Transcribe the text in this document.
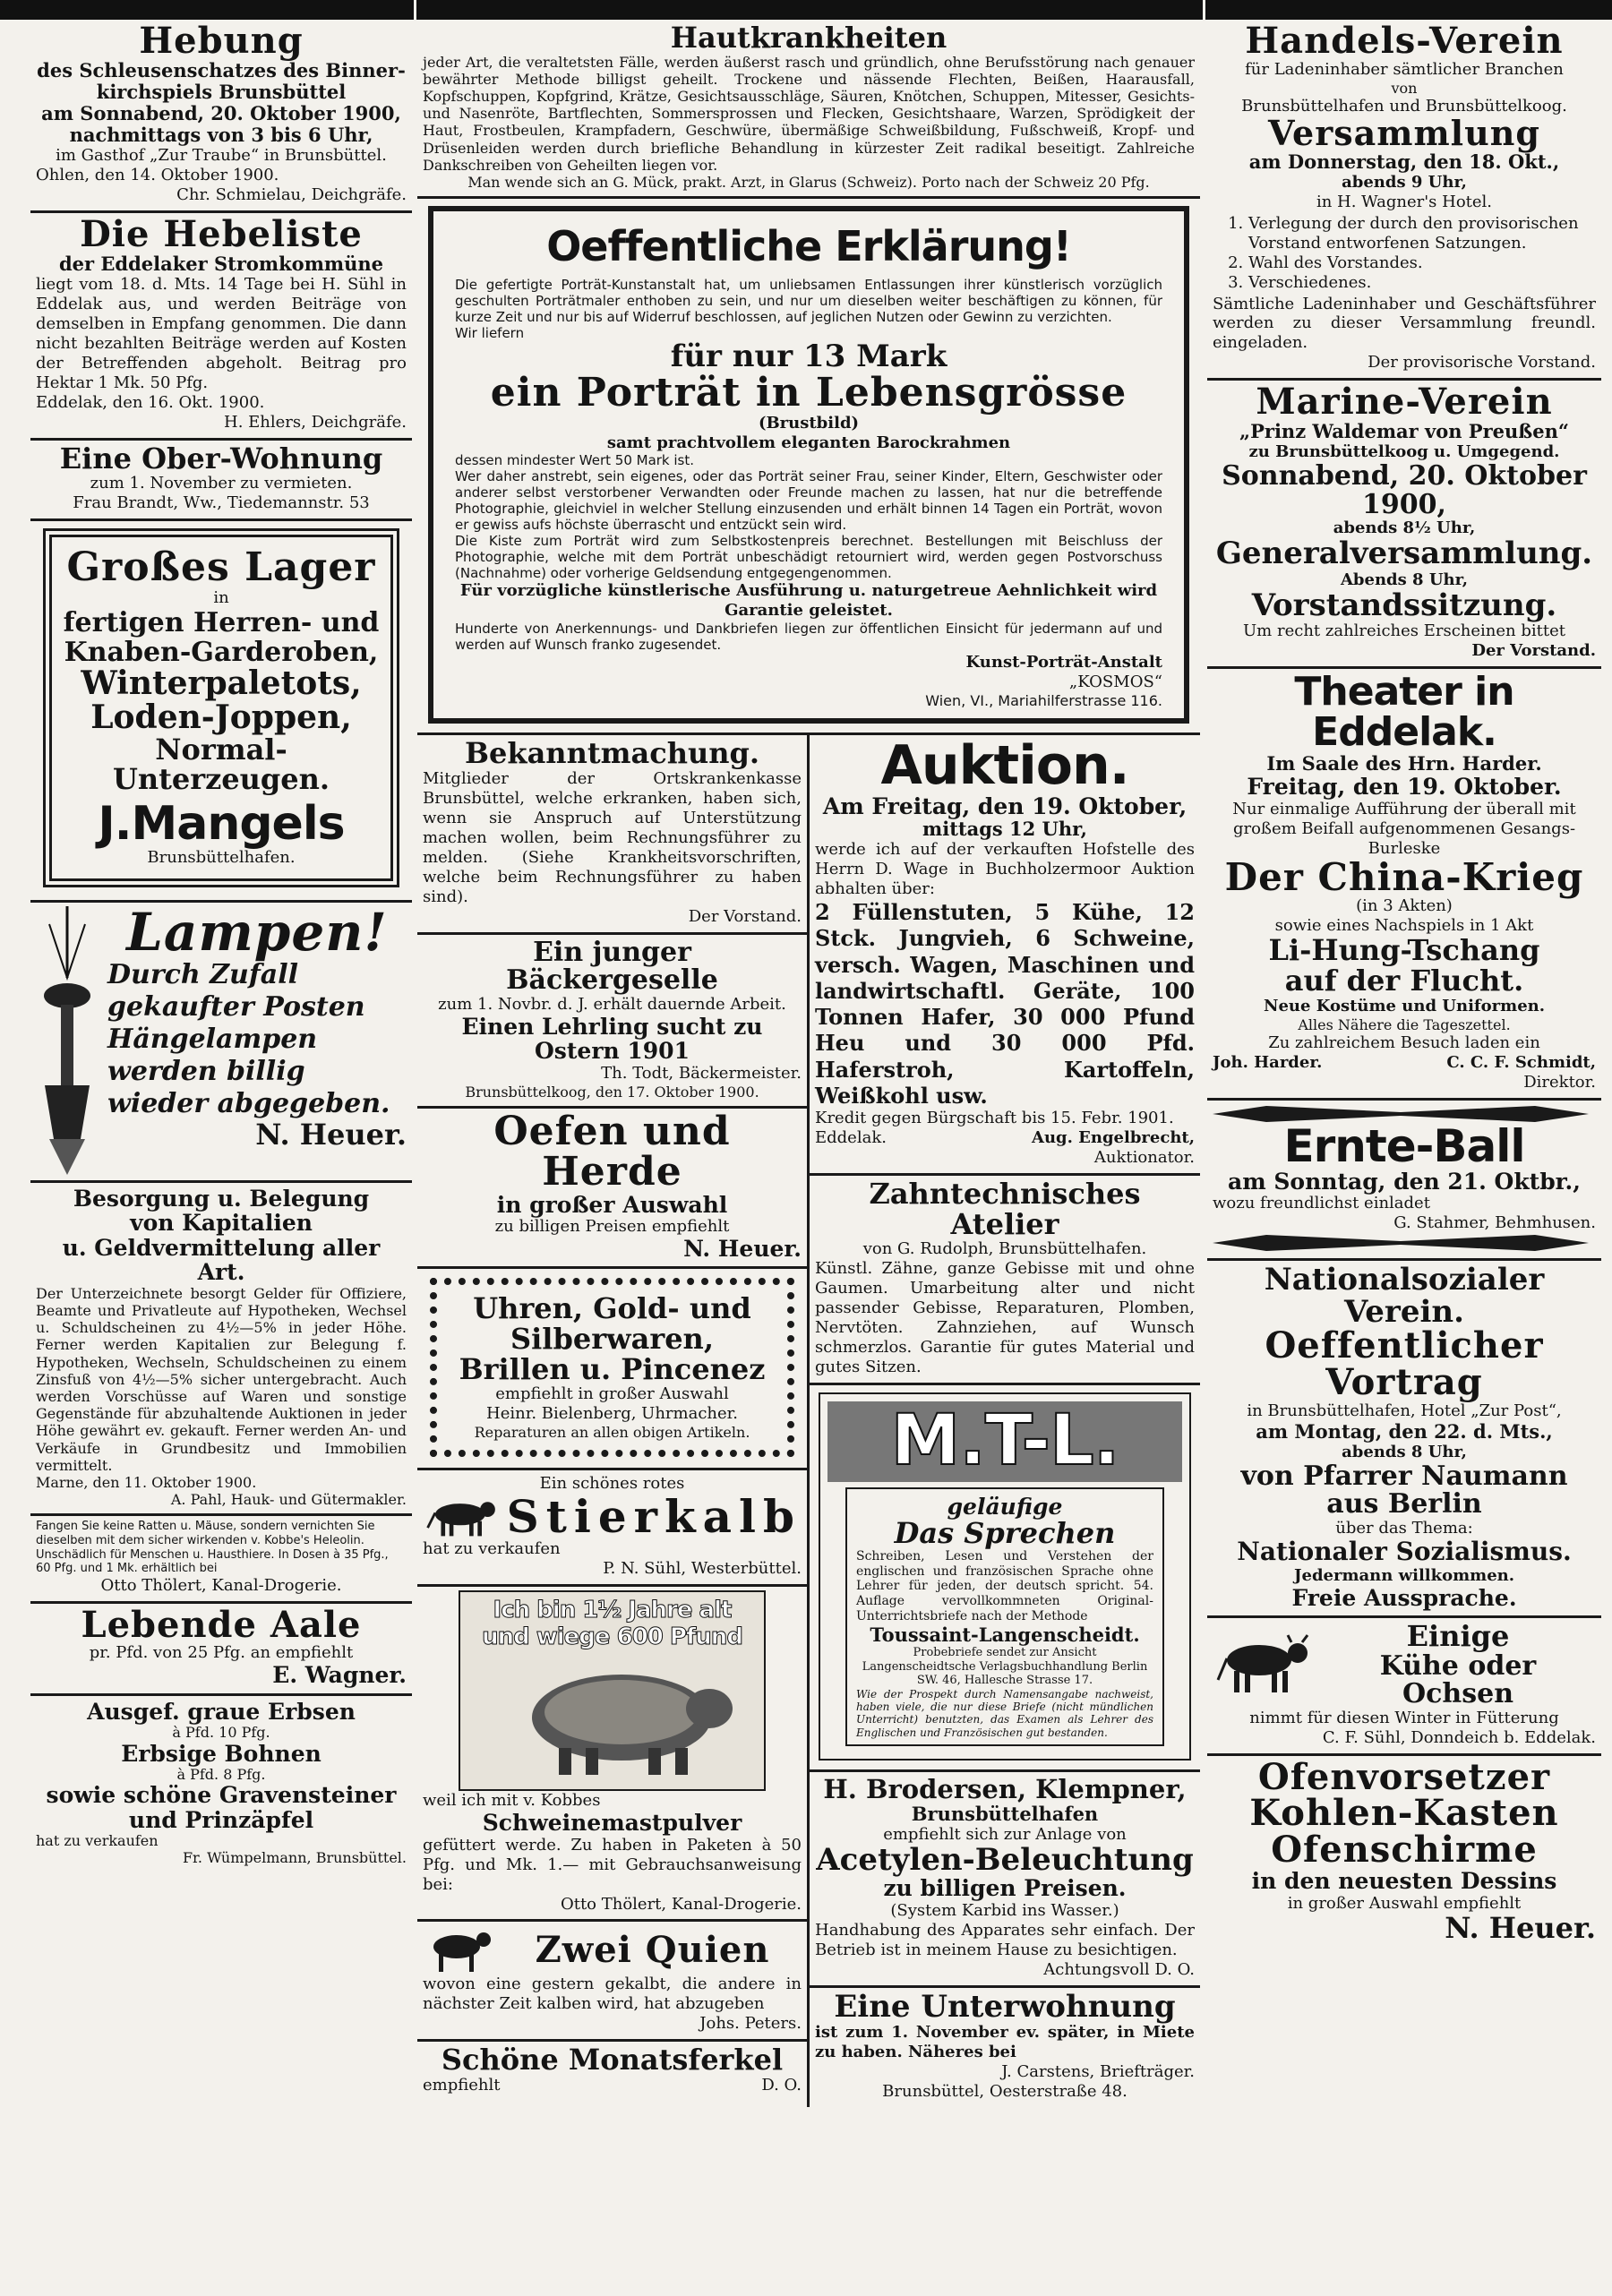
Hebung
des Schleusenschatzes des Binner-
kirchspiels Brunsbüttel
am Sonnabend, 20. Oktober 1900,
nachmittags von 3 bis 6 Uhr,
im Gasthof „Zur Traube“ in Brunsbüttel.
Ohlen, den 14. Oktober 1900.
Chr. Schmielau, Deichgräfe.
Die Hebeliste
der Eddelaker Stromkommüne
liegt vom 18. d. Mts. 14 Tage bei H. Sühl in Eddelak aus, und werden Beiträge von demselben in Empfang genommen. Die dann nicht bezahlten Beiträge werden auf Kosten der Betreffenden abgeholt. Beitrag pro Hektar 1 Mk. 50 Pfg.
Eddelak, den 16. Okt. 1900.
H. Ehlers, Deichgräfe.
Eine Ober-Wohnung
zum 1. November zu vermieten.
Frau Brandt, Ww., Tiedemannstr. 53
Großes Lager
in
fertigen Herren- und
Knaben-Garderoben,
Winterpaletots,
Loden-Joppen,
Normal-
Unterzeugen.
J.Mangels
Brunsbüttelhafen.
Lampen!
Durch Zufall gekaufter Posten Hängelampen werden billig wieder abgegeben.
N. Heuer.
Besorgung u. Belegung
von Kapitalien
u. Geldvermittelung aller Art.
Der Unterzeichnete besorgt Gelder für Offiziere, Beamte und Privatleute auf Hypotheken, Wechsel u. Schuldscheinen zu 4½—5% in jeder Höhe. Ferner werden Kapitalien zur Belegung f. Hypotheken, Wechseln, Schuldscheinen zu einem Zinsfuß von 4½—5% sicher untergebracht. Auch werden Vorschüsse auf Waren und sonstige Gegenstände für abzuhaltende Auktionen in jeder Höhe gewährt ev. gekauft. Ferner werden An- und Verkäufe in Grundbesitz und Immobilien vermittelt.
Marne, den 11. Oktober 1900.
A. Pahl, Hauk- und Gütermakler.
Fangen Sie keine Ratten u. Mäuse, sondern vernichten Sie dieselben mit dem sicher wirkenden v. Kobbe's Heleolin. Unschädlich für Menschen u. Hausthiere. In Dosen à 35 Pfg., 60 Pfg. und 1 Mk. erhältlich bei
Otto Thölert, Kanal-Drogerie.
Lebende Aale
pr. Pfd. von 25 Pfg. an empfiehlt
E. Wagner.
Ausgef. graue Erbsen
à Pfd. 10 Pfg.
Erbsige Bohnen
à Pfd. 8 Pfg.
sowie schöne Gravensteiner und Prinzäpfel
hat zu verkaufen
Fr. Wümpelmann, Brunsbüttel.
Hautkrankheiten
jeder Art, die veraltetsten Fälle, werden äußerst rasch und gründlich, ohne Berufsstörung nach genauer bewährter Methode billigst geheilt. Trockene und nässende Flechten, Beißen, Haarausfall, Kopfschuppen, Kopfgrind, Krätze, Gesichtsausschläge, Säuren, Knötchen, Schuppen, Mitesser, Gesichts- und Nasenröte, Bartflechten, Sommersprossen und Flecken, Gesichtshaare, Warzen, Sprödigkeit der Haut, Frostbeulen, Krampfadern, Geschwüre, übermäßige Schweißbildung, Fußschweiß, Kropf- und Drüsenleiden werden durch briefliche Behandlung in kürzester Zeit radikal beseitigt. Zahlreiche Dankschreiben von Geheilten liegen vor.
Man wende sich an G. Mück, prakt. Arzt, in Glarus (Schweiz). Porto nach der Schweiz 20 Pfg.
Oeffentliche Erklärung!
Die gefertigte Porträt-Kunstanstalt hat, um unliebsamen Entlassungen ihrer künstlerisch vorzüglich geschulten Porträtmaler enthoben zu sein, und nur um dieselben weiter beschäftigen zu können, für kurze Zeit und nur bis auf Widerruf beschlossen, auf jeglichen Nutzen oder Gewinn zu verzichten.
Wir liefern
für nur 13 Mark
ein Porträt in Lebensgrösse
(Brustbild)
samt prachtvollem eleganten Barockrahmen
dessen mindester Wert 50 Mark ist.
Wer daher anstrebt, sein eigenes, oder das Porträt seiner Frau, seiner Kinder, Eltern, Geschwister oder anderer selbst verstorbener Verwandten oder Freunde machen zu lassen, hat nur die betreffende Photographie, gleichviel in welcher Stellung einzusenden und erhält binnen 14 Tagen ein Porträt, wovon er gewiss aufs höchste überrascht und entzückt sein wird.
Die Kiste zum Porträt wird zum Selbstkostenpreis berechnet. Bestellungen mit Beischluss der Photographie, welche mit dem Porträt unbeschädigt retourniert wird, werden gegen Postvorschuss (Nachnahme) oder vorherige Geldsendung entgegengenommen.
Für vorzügliche künstlerische Ausführung u. naturgetreue Aehnlichkeit wird Garantie geleistet.
Hunderte von Anerkennungs- und Dankbriefen liegen zur öffentlichen Einsicht für jedermann auf und werden auf Wunsch franko zugesendet.
Kunst-Porträt-Anstalt
„KOSMOS“
Wien, VI., Mariahilferstrasse 116.
Bekanntmachung.
Mitglieder der Ortskrankenkasse Brunsbüttel, welche erkranken, haben sich, wenn sie Anspruch auf Unterstützung machen wollen, beim Rechnungsführer zu melden. (Siehe Krankheitsvorschriften, welche beim Rechnungsführer zu haben sind).
Der Vorstand.
Ein junger Bäckergeselle
zum 1. Novbr. d. J. erhält dauernde Arbeit.
Einen Lehrling sucht zu Ostern 1901
Th. Todt, Bäckermeister.
Brunsbüttelkoog, den 17. Oktober 1900.
Oefen und Herde
in großer Auswahl
zu billigen Preisen empfiehlt
N. Heuer.
Uhren, Gold- und
Silberwaren,
Brillen u. Pincenez
empfiehlt in großer Auswahl
Heinr. Bielenberg, Uhrmacher.
Reparaturen an allen obigen Artikeln.
Ein schönes rotes
Stierkalb
hat zu verkaufen
P. N. Sühl, Westerbüttel.
Ich bin 1½ Jahre alt
und wiege 600 Pfund
weil ich mit v. Kobbes
Schweinemastpulver
gefüttert werde. Zu haben in Paketen à 50 Pfg. und Mk. 1.— mit Gebrauchsanweisung bei:
Otto Thölert, Kanal-Drogerie.
Zwei Quien
wovon eine gestern gekalbt, die andere in nächster Zeit kalben wird, hat abzugeben
Johs. Peters.
Schöne Monatsferkel
empfiehlt	D. O.
Auktion.
Am Freitag, den 19. Oktober,
mittags 12 Uhr,
werde ich auf der verkauften Hofstelle des Herrn D. Wage in Buchholzermoor Auktion abhalten über:
2 Füllenstuten, 5 Kühe, 12 Stck. Jungvieh, 6 Schweine, versch. Wagen, Maschinen und landwirtschaftl. Geräte, 100 Tonnen Hafer, 30 000 Pfund Heu und 30 000 Pfd. Haferstroh, Kartoffeln, Weißkohl usw.
Kredit gegen Bürgschaft bis 15. Febr. 1901.
Eddelak.	Aug. Engelbrecht,
Auktionator.
Zahntechnisches Atelier
von G. Rudolph, Brunsbüttelhafen.
Künstl. Zähne, ganze Gebisse mit und ohne Gaumen. Umarbeitung alter und nicht passender Gebisse, Reparaturen, Plomben, Nervtöten. Zahnziehen, auf Wunsch schmerzlos. Garantie für gutes Material und gutes Sitzen.
M.T-L.
geläufige
Das Sprechen
Schreiben, Lesen und Verstehen der englischen und französischen Sprache ohne Lehrer für jeden, der deutsch spricht. 54. Auflage vervollkommneten Original-Unterrichtsbriefe nach der Methode
Toussaint-Langenscheidt.
Probebriefe sendet zur Ansicht Langenscheidtsche Verlagsbuchhandlung Berlin SW. 46, Hallesche Strasse 17.
Wie der Prospekt durch Namensangabe nachweist, haben viele, die nur diese Briefe (nicht mündlichen Unterricht) benutzten, das Examen als Lehrer des Englischen und Französischen gut bestanden.
H. Brodersen, Klempner,
Brunsbüttelhafen
empfiehlt sich zur Anlage von
Acetylen-Beleuchtung
zu billigen Preisen.
(System Karbid ins Wasser.)
Handhabung des Apparates sehr einfach. Der Betrieb ist in meinem Hause zu besichtigen.
Achtungsvoll D. O.
Eine Unterwohnung
ist zum 1. November ev. später, in Miete zu haben. Näheres bei
J. Carstens, Briefträger.
Brunsbüttel, Oesterstraße 48.
Handels-Verein
für Ladeninhaber sämtlicher Branchen
von
Brunsbüttelhafen und Brunsbüttelkoog.
Versammlung
am Donnerstag, den 18. Okt.,
abends 9 Uhr,
in H. Wagner's Hotel.
1. Verlegung der durch den provisorischen Vorstand entworfenen Satzungen.
2. Wahl des Vorstandes.
3. Verschiedenes.
Sämtliche Ladeninhaber und Geschäftsführer werden zu dieser Versammlung freundl. eingeladen.
Der provisorische Vorstand.
Marine-Verein
„Prinz Waldemar von Preußen“
zu Brunsbüttelkoog u. Umgegend.
Sonnabend, 20. Oktober 1900,
abends 8½ Uhr,
Generalversammlung.
Abends 8 Uhr,
Vorstandssitzung.
Um recht zahlreiches Erscheinen bittet
Der Vorstand.
Theater in Eddelak.
Im Saale des Hrn. Harder.
Freitag, den 19. Oktober.
Nur einmalige Aufführung der überall mit großem Beifall aufgenommenen Gesangs-Burleske
Der China-Krieg
(in 3 Akten)
sowie eines Nachspiels in 1 Akt
Li-Hung-Tschang
auf der Flucht.
Neue Kostüme und Uniformen.
Alles Nähere die Tageszettel.
Zu zahlreichem Besuch laden ein
Joh. Harder.	C. C. F. Schmidt,
Direktor.
Ernte-Ball
am Sonntag, den 21. Oktbr.,
wozu freundlichst einladet
G. Stahmer, Behmhusen.
Nationalsozialer Verein.
Oeffentlicher
Vortrag
in Brunsbüttelhafen, Hotel „Zur Post“,
am Montag, den 22. d. Mts.,
abends 8 Uhr,
von Pfarrer Naumann aus Berlin
über das Thema:
Nationaler Sozialismus.
Jedermann willkommen.
Freie Aussprache.
Einige
Kühe oder Ochsen
nimmt für diesen Winter in Fütterung
C. F. Sühl, Donndeich b. Eddelak.
Ofenvorsetzer
Kohlen-Kasten
Ofenschirme
in den neuesten Dessins
in großer Auswahl empfiehlt
N. Heuer.
